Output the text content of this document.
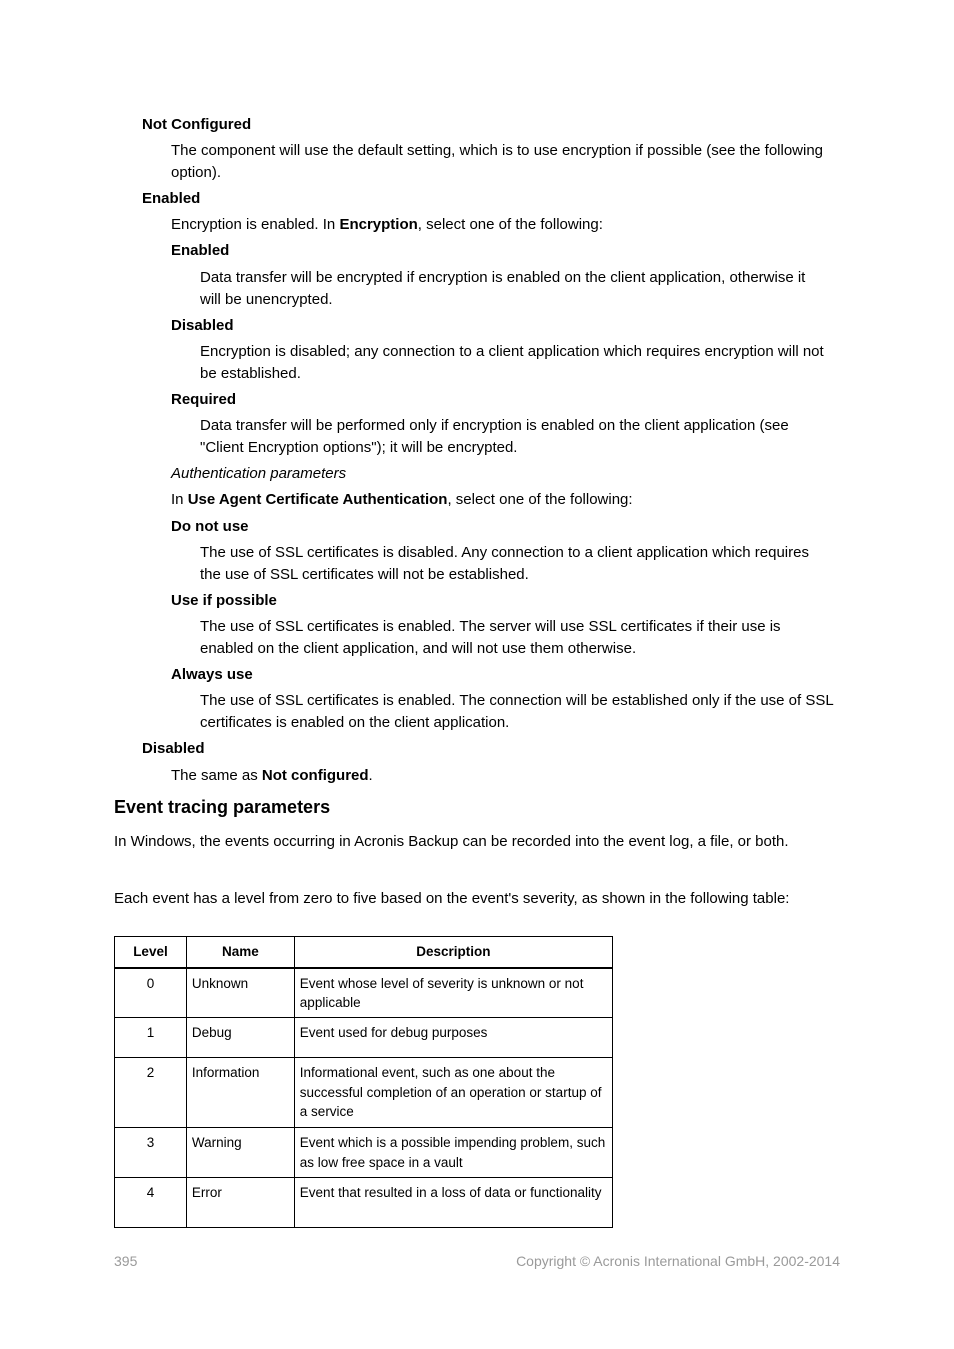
Not Configured
The component will use the default setting, which is to use encryption if possible (see the following option).
Enabled
Encryption is enabled. In Encryption, select one of the following:
Enabled
Data transfer will be encrypted if encryption is enabled on the client application, otherwise it will be unencrypted.
Disabled
Encryption is disabled; any connection to a client application which requires encryption will not be established.
Required
Data transfer will be performed only if encryption is enabled on the client application (see "Client Encryption options"); it will be encrypted.
Authentication parameters
In Use Agent Certificate Authentication, select one of the following:
Do not use
The use of SSL certificates is disabled. Any connection to a client application which requires the use of SSL certificates will not be established.
Use if possible
The use of SSL certificates is enabled. The server will use SSL certificates if their use is enabled on the client application, and will not use them otherwise.
Always use
The use of SSL certificates is enabled. The connection will be established only if the use of SSL certificates is enabled on the client application.
Disabled
The same as Not configured.
Event tracing parameters
In Windows, the events occurring in Acronis Backup can be recorded into the event log, a file, or both.
Each event has a level from zero to five based on the event's severity, as shown in the following table:
Level	Name	Description
0	Unknown	Event whose level of severity is unknown or not applicable
1	Debug	Event used for debug purposes
2	Information	Informational event, such as one about the successful completion of an operation or startup of a service
3	Warning	Event which is a possible impending problem, such as low free space in a vault
4	Error	Event that resulted in a loss of data or functionality
395	Copyright © Acronis International GmbH, 2002-2014
